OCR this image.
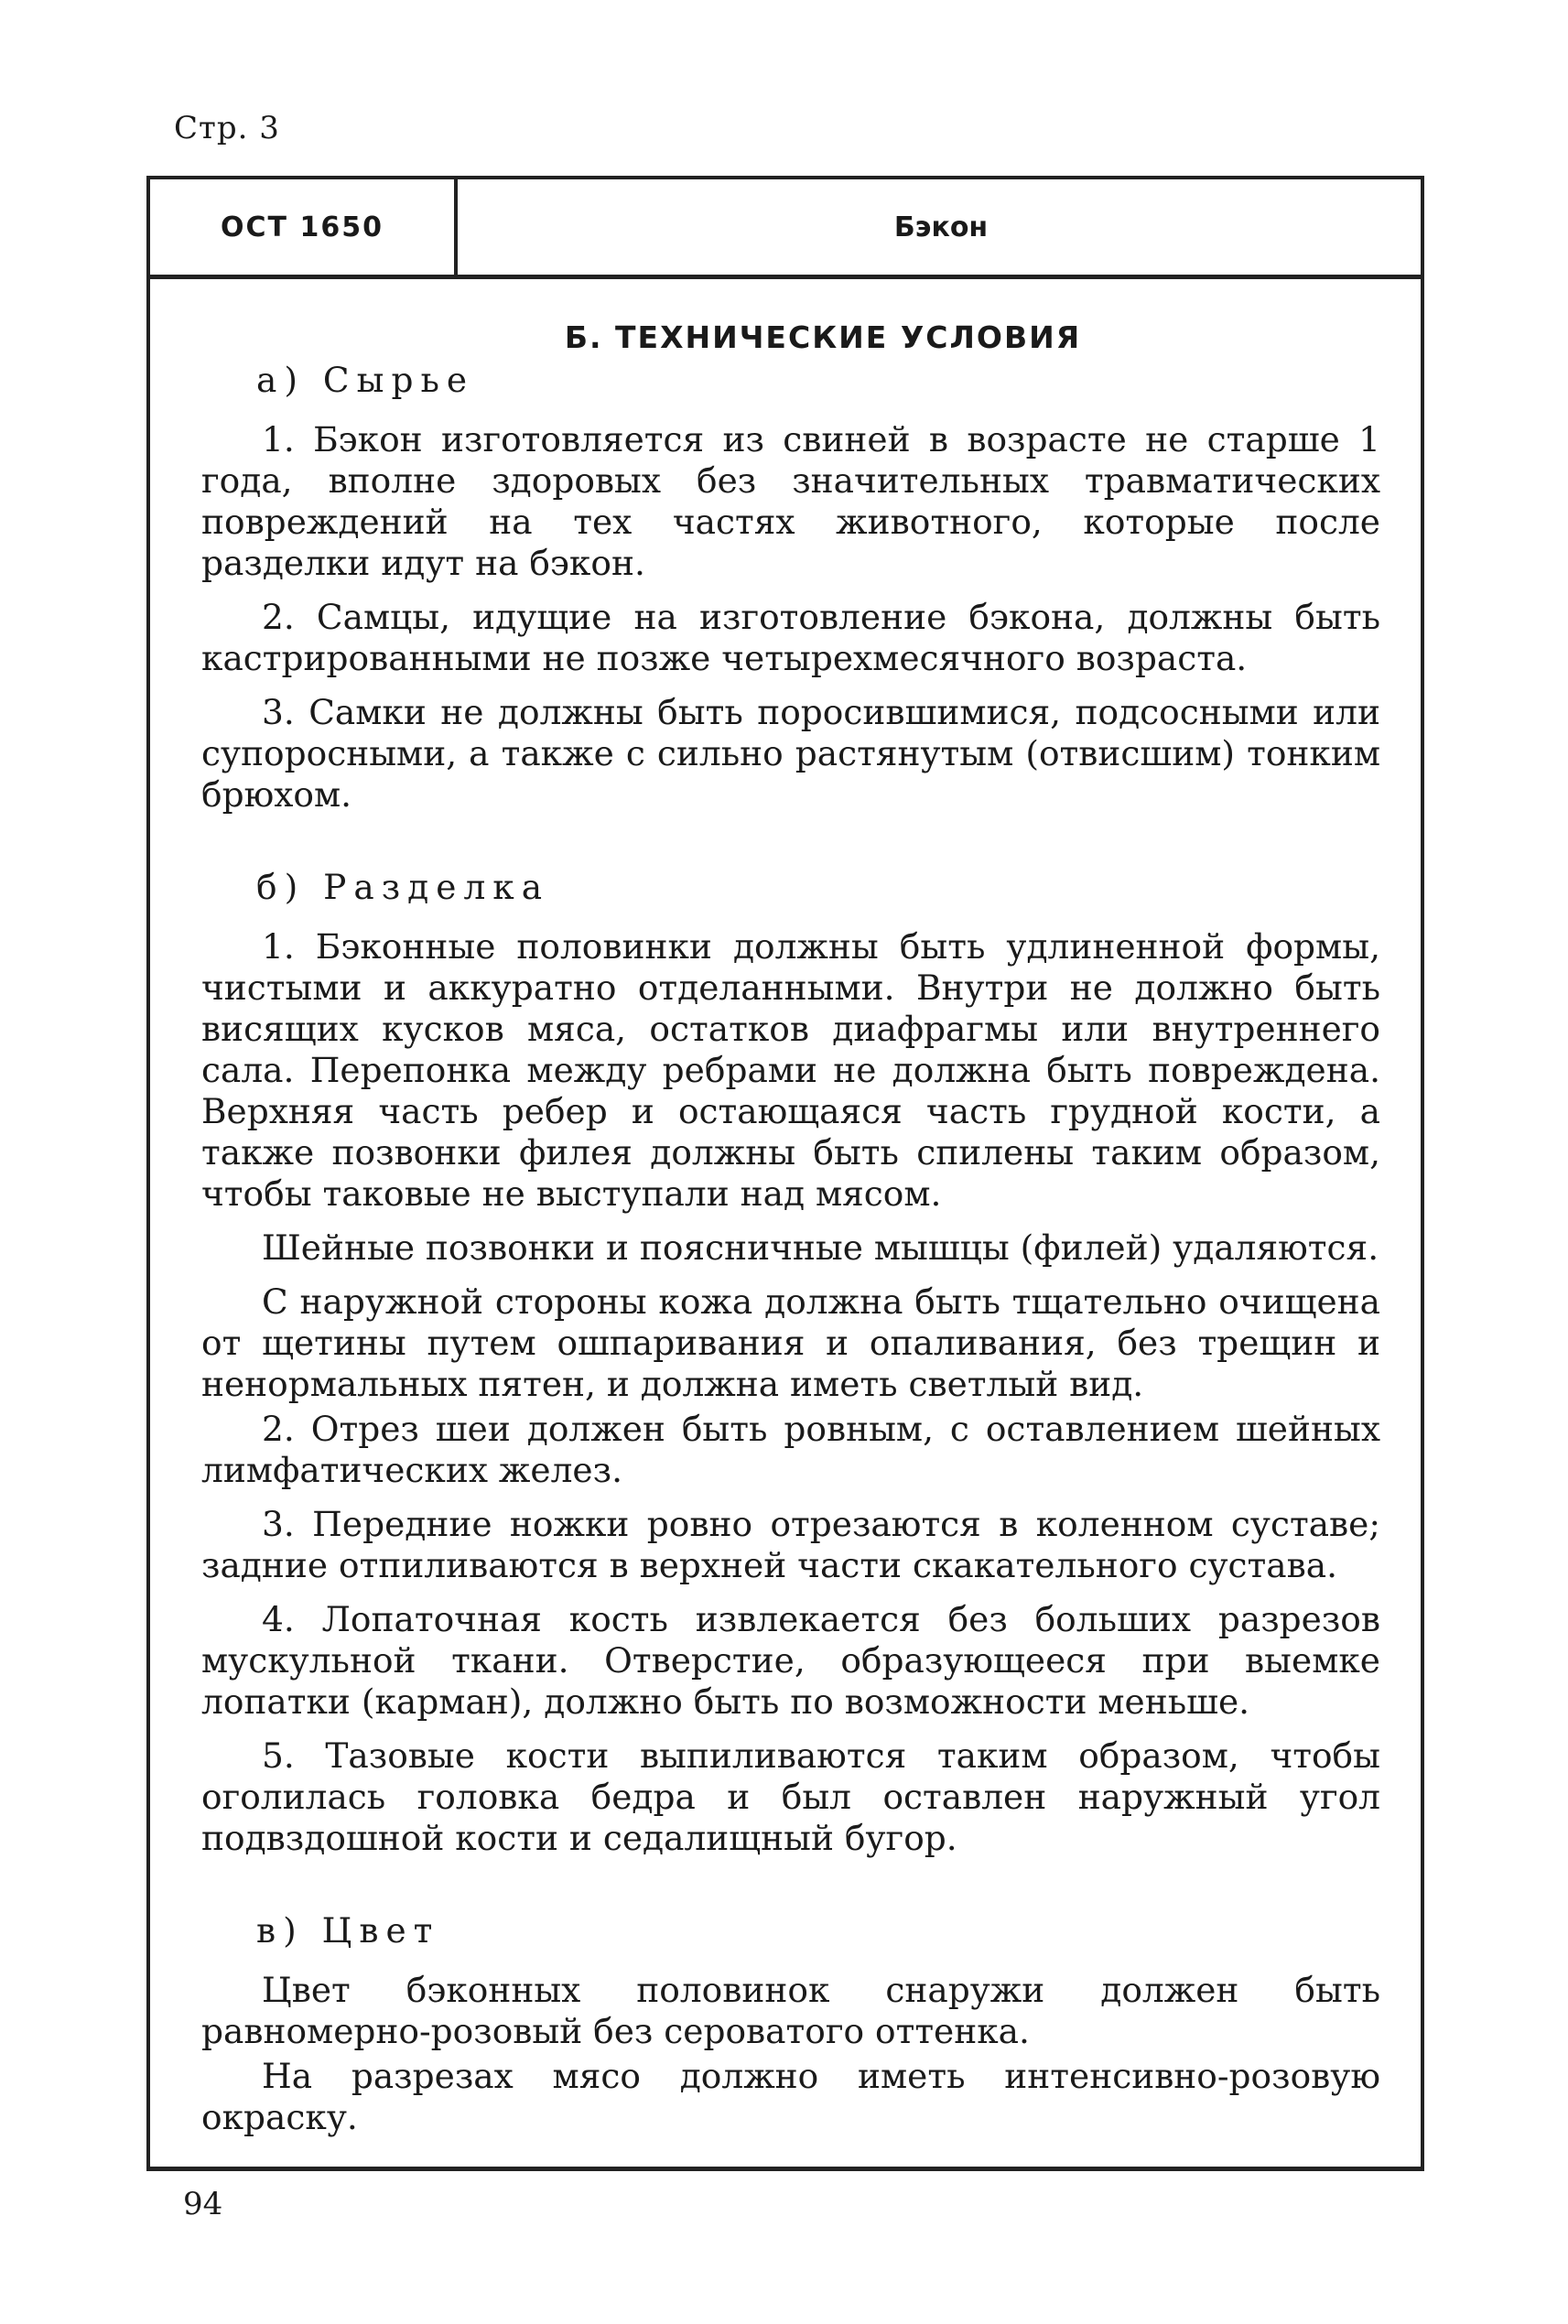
Стр. 3
ОСТ 1650	Бэкон
Б. ТЕХНИЧЕСКИЕ УСЛОВИЯ
а) Сырье

1. Бэкон изготовляется из свиней в возрасте не старше 1 года, вполне здоровых без значительных травматических повреждений на тех частях животного, которые после разделки идут на бэкон.

2. Самцы, идущие на изготовление бэкона, должны быть кастрированными не позже четырехмесячного возраста.

3. Самки не должны быть поросившимися, подсосными или супоросными, а также с сильно растянутым (отвисшим) тонким брюхом.

б) Разделка

1. Бэконные половинки должны быть удлиненной формы, чистыми и аккуратно отделанными. Внутри не должно быть висящих кусков мяса, остатков диафрагмы или внутреннего сала. Перепонка между ребрами не должна быть повреждена. Верхняя часть ребер и остающаяся часть грудной кости, а также позвонки филея должны быть спилены таким образом, чтобы таковые не выступали над мясом.

Шейные позвонки и поясничные мышцы (филей) удаляются.

С наружной стороны кожа должна быть тщательно очищена от щетины путем ошпаривания и опаливания, без трещин и ненормальных пятен, и должна иметь светлый вид.

2. Отрез шеи должен быть ровным, с оставлением шейных лимфатических желез.

3. Передние ножки ровно отрезаются в коленном суставе; задние отпиливаются в верхней части скакательного сустава.

4. Лопаточная кость извлекается без больших разрезов мускульной ткани. Отверстие, образующееся при выемке лопатки (карман), должно быть по возможности меньше.

5. Тазовые кости выпиливаются таким образом, чтобы оголилась головка бедра и был оставлен наружный угол подвздошной кости и седалищный бугор.

в) Цвет

Цвет бэконных половинок снаружи должен быть равномерно-розовый без сероватого оттенка.

На разрезах мясо должно иметь интенсивно-розовую окраску.

94
